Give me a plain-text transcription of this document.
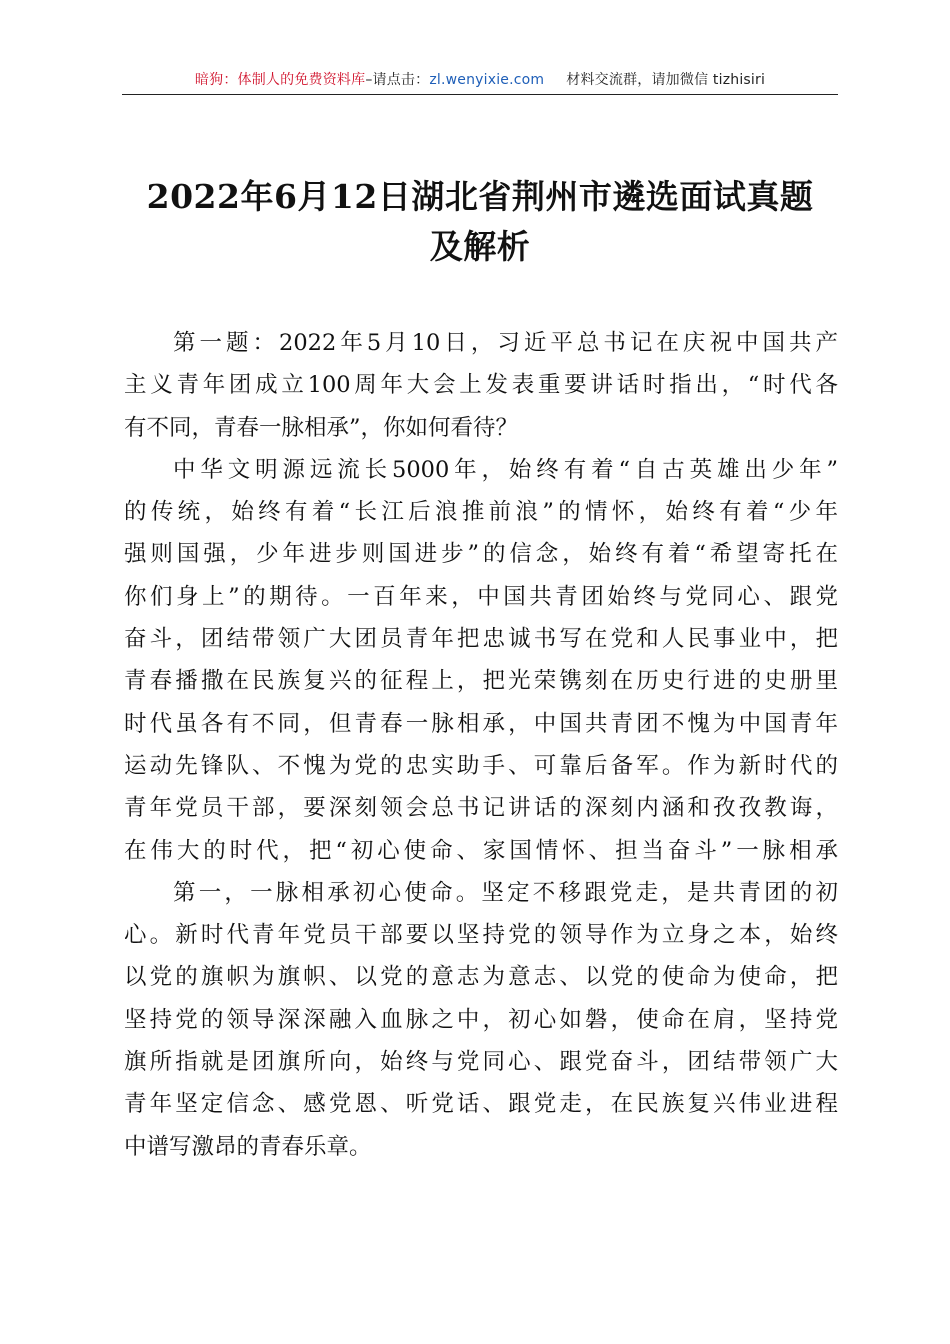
暗狗：体制人的免费资料库–请点击：zl.wenyixie.com 材料交流群，请加微信 tizhisiri
2022年6月12日湖北省荆州市遴选面试真题
及解析
第一题：2022年5月10日，习近平总书记在庆祝中国共产
主义青年团成立100周年大会上发表重要讲话时指出，“时代各
有不同，青春一脉相承”，你如何看待？
中华文明源远流长5000年，始终有着“自古英雄出少年”
的传统，始终有着“长江后浪推前浪”的情怀，始终有着“少年
强则国强，少年进步则国进步”的信念，始终有着“希望寄托在
你们身上”的期待。一百年来，中国共青团始终与党同心、跟党
奋斗，团结带领广大团员青年把忠诚书写在党和人民事业中，把
青春播撒在民族复兴的征程上，把光荣镌刻在历史行进的史册里
时代虽各有不同，但青春一脉相承，中国共青团不愧为中国青年
运动先锋队、不愧为党的忠实助手、可靠后备军。作为新时代的
青年党员干部，要深刻领会总书记讲话的深刻内涵和孜孜教诲，
在伟大的时代，把“初心使命、家国情怀、担当奋斗”一脉相承
第一，一脉相承初心使命。坚定不移跟党走，是共青团的初
心。新时代青年党员干部要以坚持党的领导作为立身之本，始终
以党的旗帜为旗帜、以党的意志为意志、以党的使命为使命，把
坚持党的领导深深融入血脉之中，初心如磐，使命在肩，坚持党
旗所指就是团旗所向，始终与党同心、跟党奋斗，团结带领广大
青年坚定信念、感党恩、听党话、跟党走，在民族复兴伟业进程
中谱写激昂的青春乐章。
